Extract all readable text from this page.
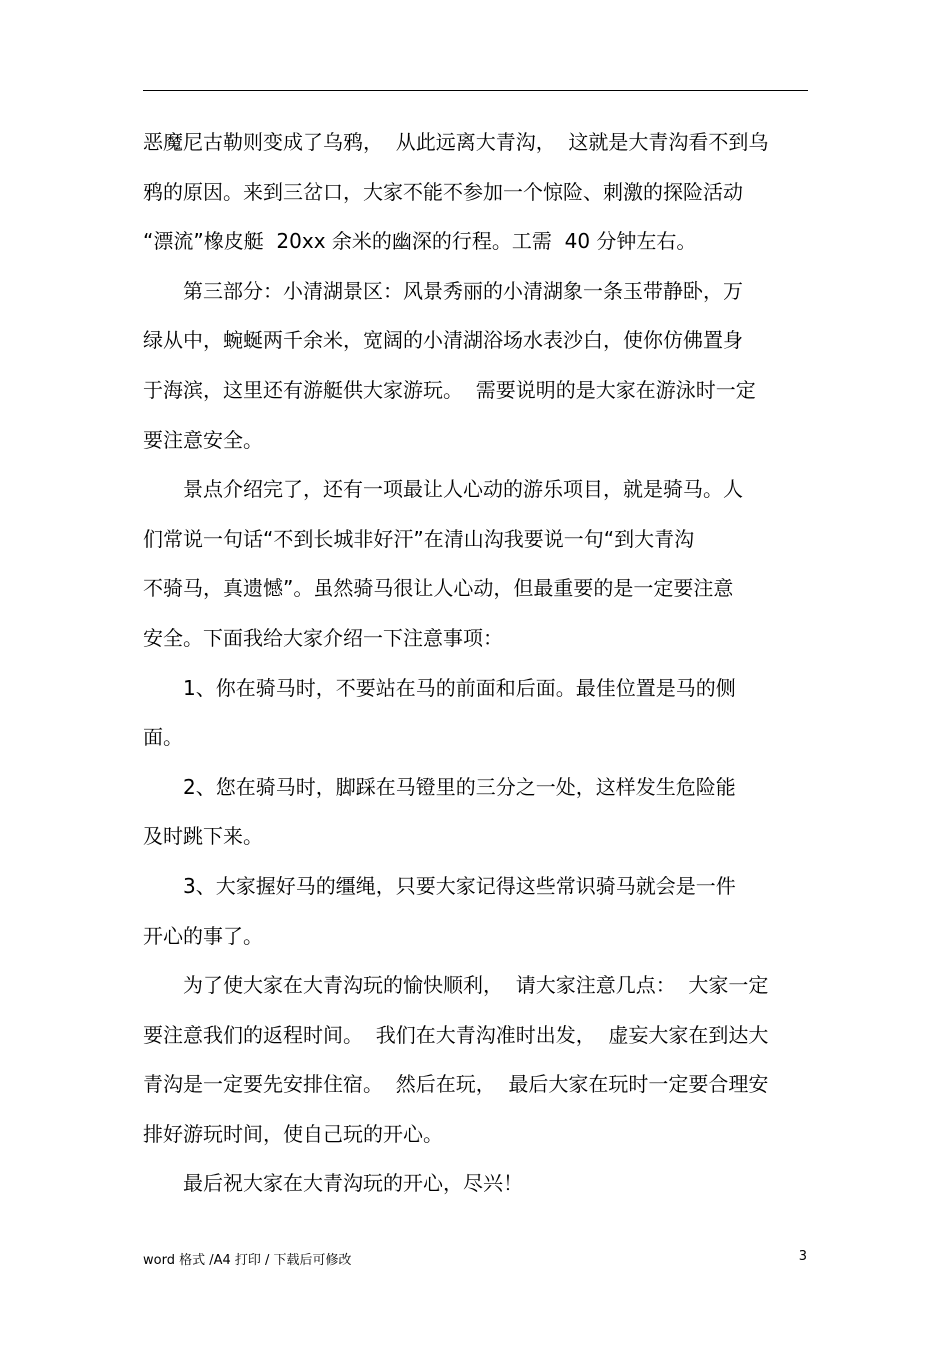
恶魔尼古勒则变成了乌鸦，  从此远离大青沟，  这就是大青沟看不到乌
鸦的原因。来到三岔口，大家不能不参加一个惊险、刺激的探险活动
“漂流”橡皮艇  20xx 余米的幽深的行程。工需  40 分钟左右。
　　第三部分：小清湖景区：风景秀丽的小清湖象一条玉带静卧，万
绿从中，蜿蜒两千余米，宽阔的小清湖浴场水表沙白，使你仿佛置身
于海滨，这里还有游艇供大家游玩。  需要说明的是大家在游泳时一定
要注意安全。
　　景点介绍完了，还有一项最让人心动的游乐项目，就是骑马。人
们常说一句话“不到长城非好汗”在清山沟我要说一句“到大青沟
不骑马，真遗憾”。虽然骑马很让人心动，但最重要的是一定要注意
安全。下面我给大家介绍一下注意事项：
　　1、你在骑马时，不要站在马的前面和后面。最佳位置是马的侧
面。
　　2、您在骑马时，脚踩在马镫里的三分之一处，这样发生危险能
及时跳下来。
　　3、大家握好马的缰绳，只要大家记得这些常识骑马就会是一件
开心的事了。
　　为了使大家在大青沟玩的愉快顺利，  请大家注意几点：  大家一定
要注意我们的返程时间。  我们在大青沟准时出发，  虚妄大家在到达大
青沟是一定要先安排住宿。  然后在玩，  最后大家在玩时一定要合理安
排好游玩时间，使自己玩的开心。
　　最后祝大家在大青沟玩的开心，尽兴！
word 格式 /A4 打印 / 下载后可修改	3
